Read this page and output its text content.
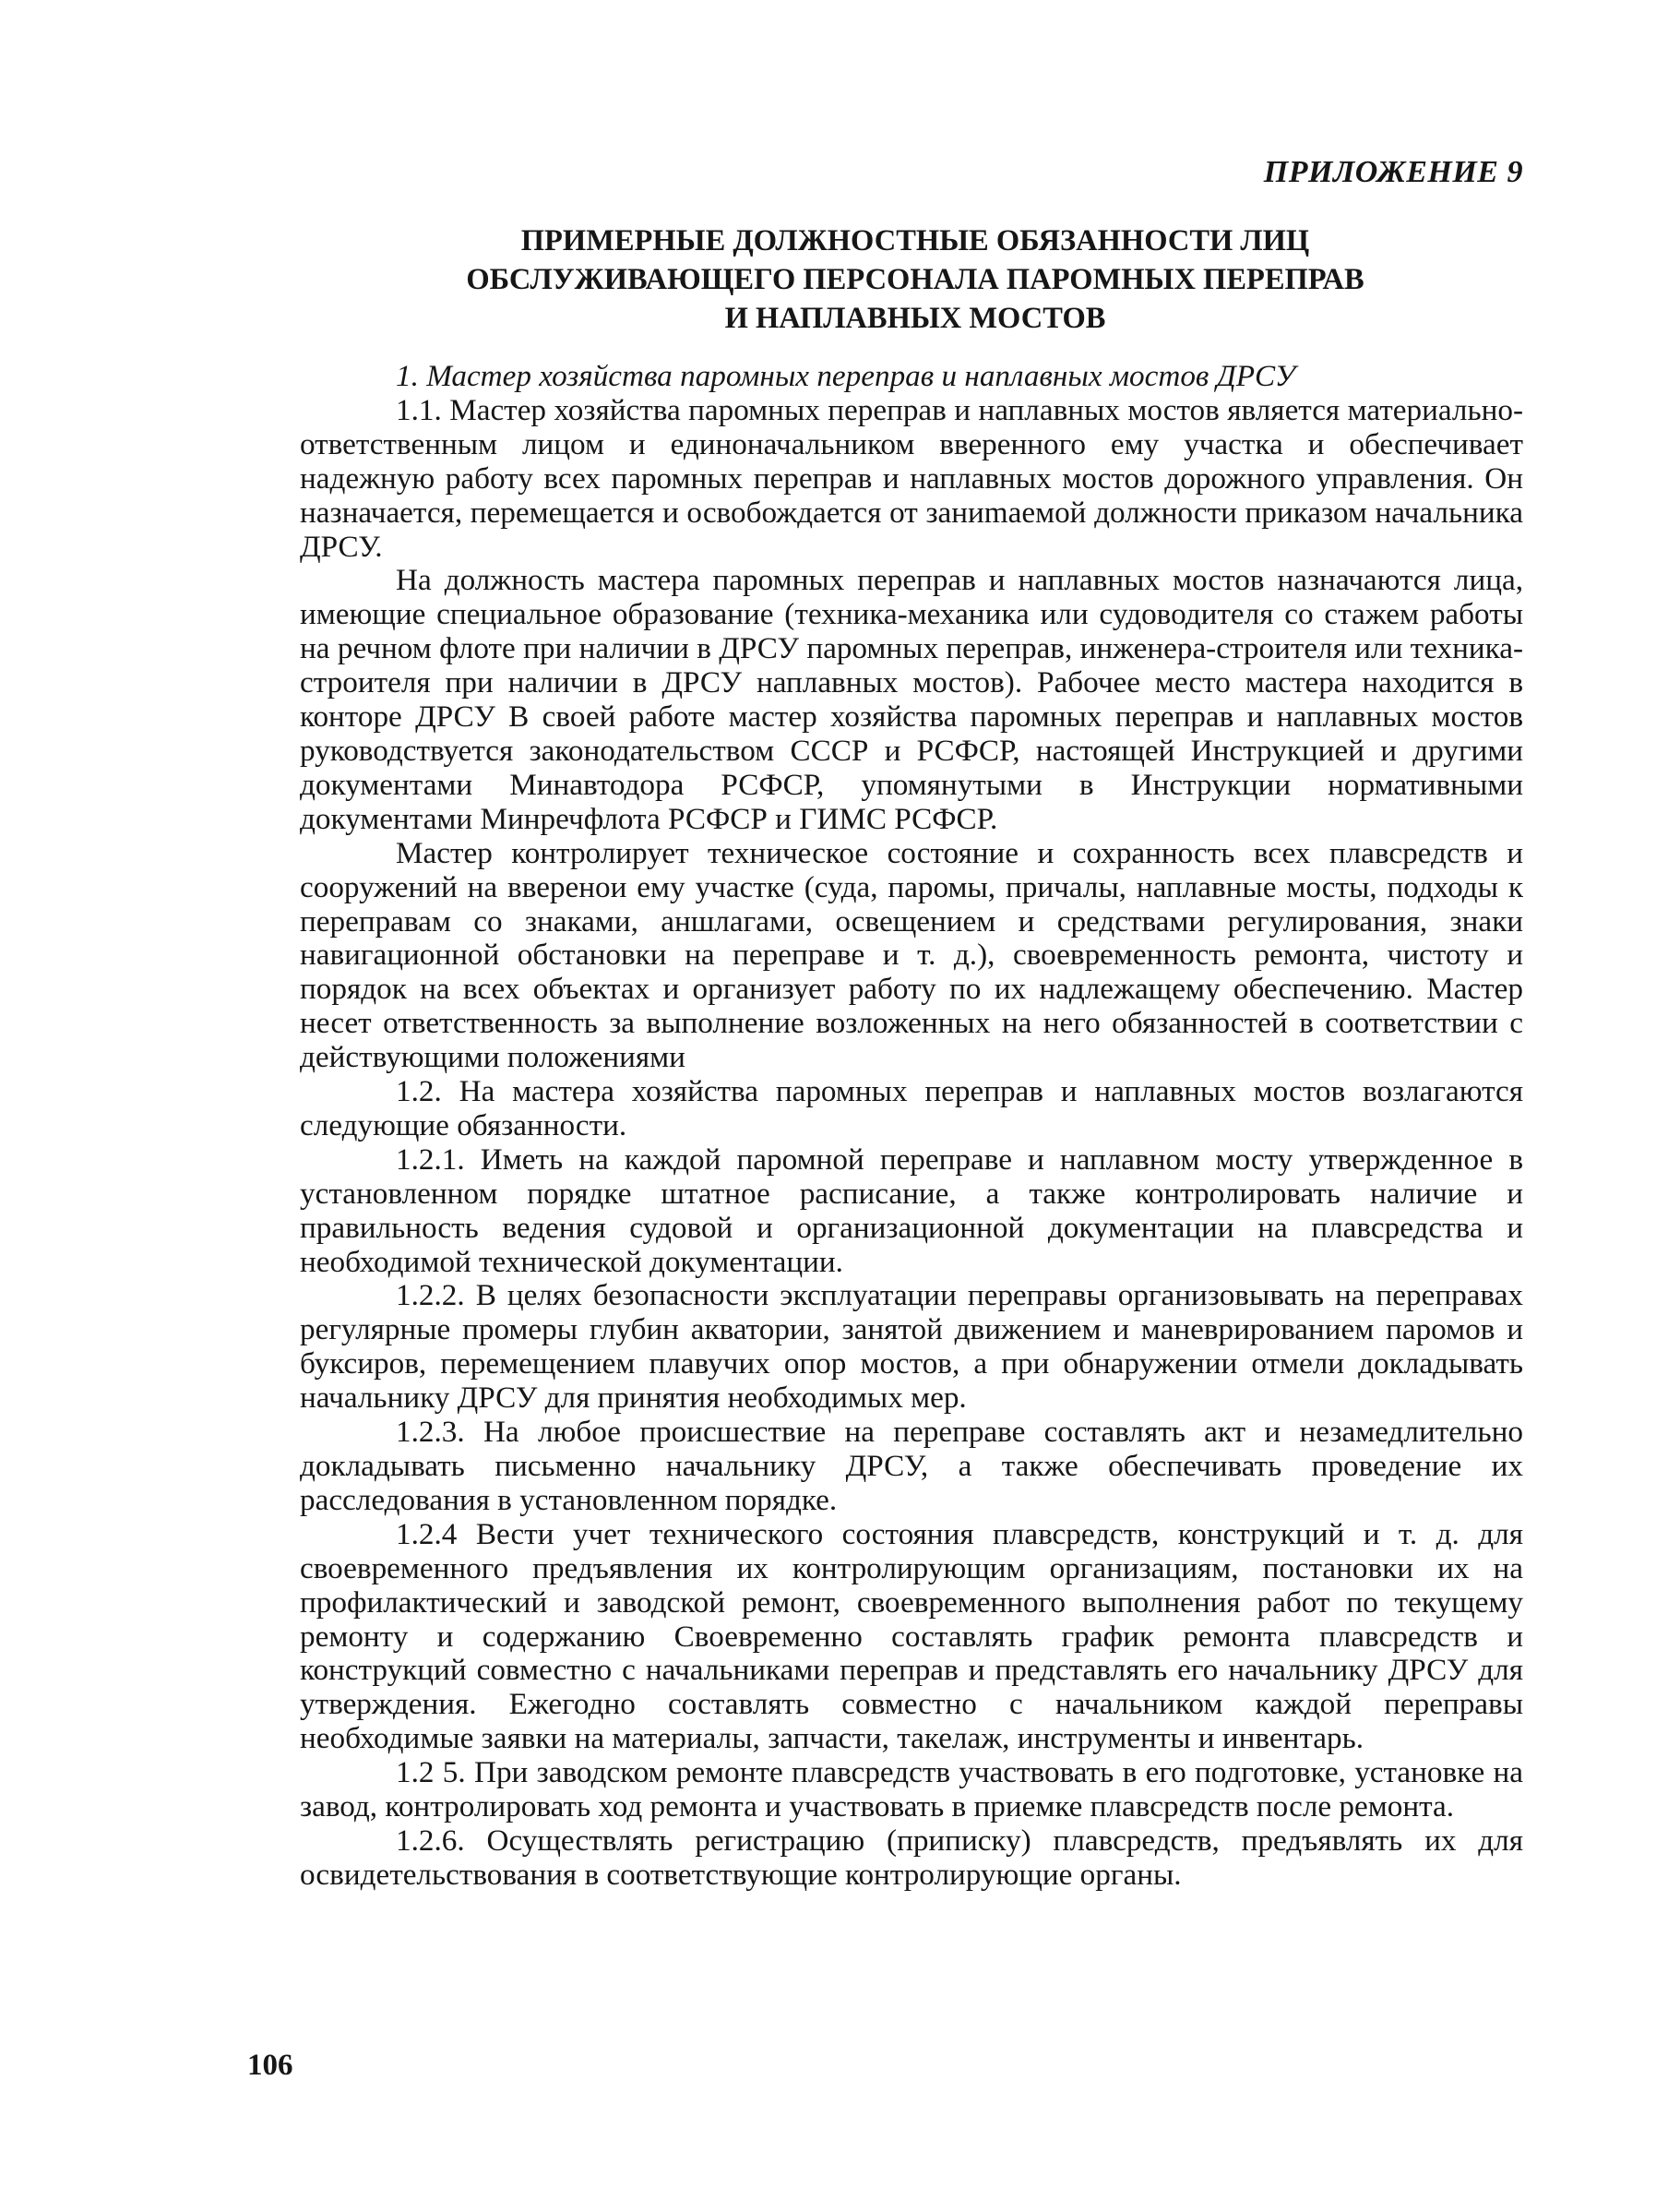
ПРИЛОЖЕНИЕ 9
ПРИМЕРНЫЕ ДОЛЖНОСТНЫЕ ОБЯЗАННОСТИ ЛИЦ
ОБСЛУЖИВАЮЩЕГО ПЕРСОНАЛА ПАРОМНЫХ ПЕРЕПРАВ
И НАПЛАВНЫХ МОСТОВ

1. Мастер хозяйства паромных переправ и наплавных мостов ДРСУ

1.1. Мастер хозяйства паромных переправ и наплавных мостов является материально-ответственным лицом и единоначальником вверенного ему участка и обеспечивает надежную работу всех паромных переправ и наплавных мостов дорожного управления. Он назначается, перемещается и освобождается от заниmаемой должности приказом начальника ДРСУ.

На должность мастера паромных переправ и наплавных мостов назначаются лица, имеющие специальное образование (техника-механика или судоводителя со стажем работы на речном флоте при наличии в ДРСУ паромных переправ, инженера-строителя или техника-строителя при наличии в ДРСУ наплавных мостов). Рабочее место мастера находится в конторе ДРСУ В своей работе мастер хозяйства паромных переправ и наплавных мостов руководствуется законодательством СССР и РСФСР, настоящей Инструкцией и другими документами Минавтодора РСФСР, упомянутыми в Инструкции нормативными документами Минречфлота РСФСР и ГИМС РСФСР.

Мастер контролирует техническое состояние и сохранность всех плавсредств и сооружений на вверенои ему участке (суда, паромы, причалы, наплавные мосты, подходы к переправам со знаками, аншлагами, освещением и средствами регулирования, знаки навигационной обстановки на переправе и т. д.), своевременность ремонта, чистоту и порядок на всех объектах и организует работу по их надлежащему обеспечению. Мастер несет ответственность за выполнение возложенных на него обязанностей в соответствии с действующими положениями

1.2. На мастера хозяйства паромных переправ и наплавных мостов возлагаются следующие обязанности.

1.2.1. Иметь на каждой паромной переправе и наплавном мосту утвержденное в установленном порядке штатное расписание, а также контролировать наличие и правильность ведения судовой и организационной документации на плавсредства и необходимой технической документации.

1.2.2. В целях безопасности эксплуатации переправы организовывать на переправах регулярные промеры глубин акватории, занятой движением и маневрированием паромов и буксиров, перемещением плавучих опор мостов, а при обнаружении отмели докладывать начальнику ДРСУ для принятия необходимых мер.

1.2.3. На любое происшествие на переправе составлять акт и незамедлительно докладывать письменно начальнику ДРСУ, а также обеспечивать проведение их расследования в установленном порядке.

1.2.4 Вести учет технического состояния плавсредств, конструкций и т. д. для своевременного предъявления их контролирующим организациям, постановки их на профилактический и заводской ремонт, своевременного выполнения работ по текущему ремонту и содержанию Своевременно составлять график ремонта плавсредств и конструкций совместно с начальниками переправ и представлять его начальнику ДРСУ для утверждения. Ежегодно составлять совместно с начальником каждой переправы необходимые заявки на материалы, запчасти, такелаж, инструменты и инвентарь.

1.2 5. При заводском ремонте плавсредств участвовать в его подготовке, установке на завод, контролировать ход ремонта и участвовать в приемке плавсредств после ремонта.

1.2.6. Осуществлять регистрацию (приписку) плавсредств, предъявлять их для освидетельствования в соответствующие контролирующие органы.

106
